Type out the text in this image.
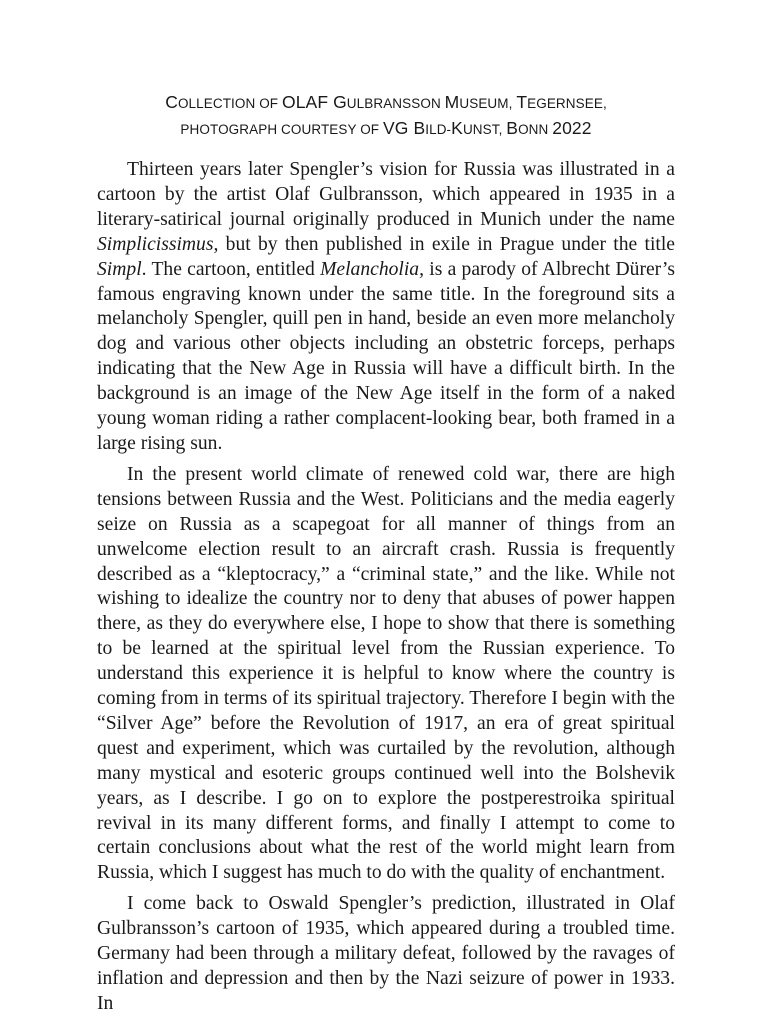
COLLECTION OF OLAF GULBRANSSON MUSEUM, TEGERNSEE,
PHOTOGRAPH COURTESY OF VG BILD-KUNST, BONN 2022

Thirteen years later Spengler’s vision for Russia was illustrated in a cartoon by the artist Olaf Gulbransson, which appeared in 1935 in a literary-satirical journal originally produced in Munich under the name Simplicissimus, but by then published in exile in Prague under the title Simpl. The cartoon, entitled Melancholia, is a parody of Albrecht Dürer’s famous engraving known under the same title. In the foreground sits a melancholy Spengler, quill pen in hand, beside an even more melancholy dog and various other objects including an obstetric forceps, perhaps indicating that the New Age in Russia will have a difficult birth. In the background is an image of the New Age itself in the form of a naked young woman riding a rather complacent-looking bear, both framed in a large rising sun.

In the present world climate of renewed cold war, there are high tensions between Russia and the West. Politicians and the media eagerly seize on Russia as a scapegoat for all manner of things from an unwelcome election result to an aircraft crash. Russia is frequently described as a “kleptocracy,” a “criminal state,” and the like. While not wishing to idealize the country nor to deny that abuses of power happen there, as they do everywhere else, I hope to show that there is something to be learned at the spiritual level from the Russian experience. To understand this experience it is helpful to know where the country is coming from in terms of its spiritual trajectory. Therefore I begin with the “Silver Age” before the Revolution of 1917, an era of great spiritual quest and experiment, which was curtailed by the revolution, although many mystical and esoteric groups continued well into the Bolshevik years, as I describe. I go on to explore the postperestroika spiritual revival in its many different forms, and finally I attempt to come to certain conclusions about what the rest of the world might learn from Russia, which I suggest has much to do with the quality of enchantment.

I come back to Oswald Spengler’s prediction, illustrated in Olaf Gulbransson’s cartoon of 1935, which appeared during a troubled time. Germany had been through a military defeat, followed by the ravages of inflation and depression and then by the Nazi seizure of power in 1933. In
